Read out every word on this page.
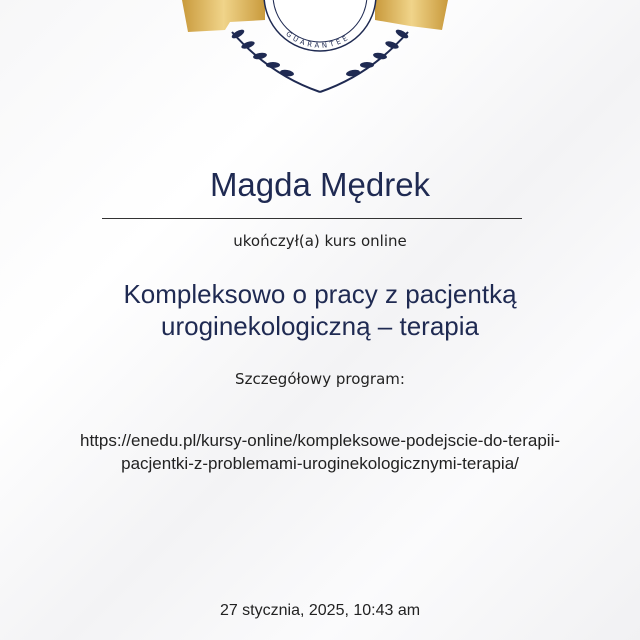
GUARANTEE
Magda Mędrek
ukończył(a) kurs online
Kompleksowo o pracy z pacjentką
uroginekologiczną – terapia
Szczegółowy program:
https://enedu.pl/kursy-online/kompleksowe-podejscie-do-terapii-
pacjentki-z-problemami-uroginekologicznymi-terapia/
27 stycznia, 2025, 10:43 am
